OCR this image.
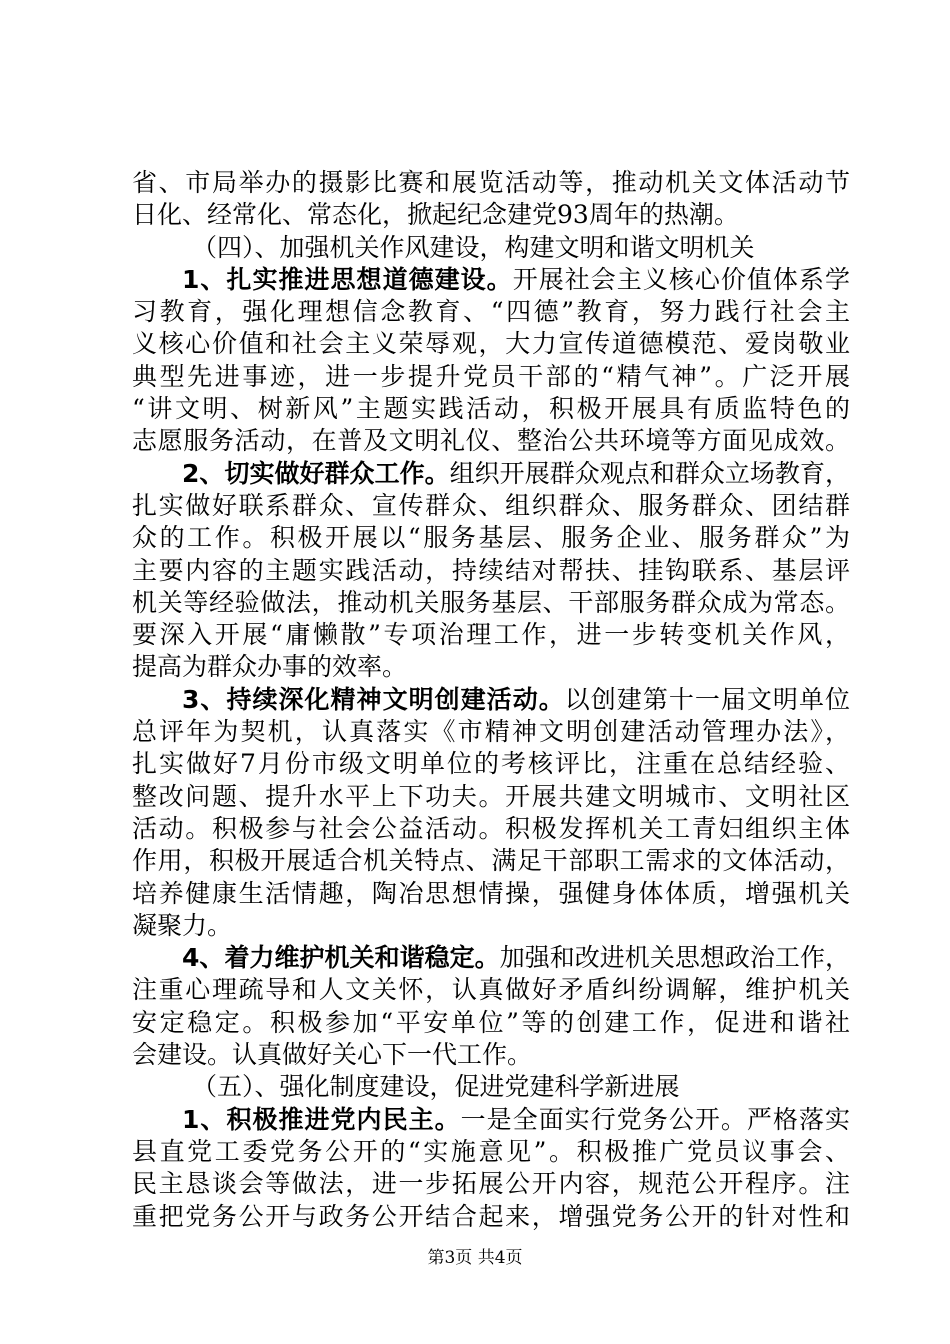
省、市局举办的摄影比赛和展览活动等，推动机关文体活动节
日化、经常化、常态化，掀起纪念建党93周年的热潮。
（四）、加强机关作风建设，构建文明和谐文明机关
1、扎实推进思想道德建设。开展社会主义核心价值体系学
习教育，强化理想信念教育、“四德”教育，努力践行社会主
义核心价值和社会主义荣辱观，大力宣传道德模范、爱岗敬业
典型先进事迹，进一步提升党员干部的“精气神”。广泛开展
“讲文明、树新风”主题实践活动，积极开展具有质监特色的
志愿服务活动，在普及文明礼仪、整治公共环境等方面见成效。
2、切实做好群众工作。组织开展群众观点和群众立场教育，
扎实做好联系群众、宣传群众、组织群众、服务群众、团结群
众的工作。积极开展以“服务基层、服务企业、服务群众”为
主要内容的主题实践活动，持续结对帮扶、挂钩联系、基层评
机关等经验做法，推动机关服务基层、干部服务群众成为常态。
要深入开展“庸懒散”专项治理工作，进一步转变机关作风，
提高为群众办事的效率。
3、持续深化精神文明创建活动。以创建第十一届文明单位
总评年为契机，认真落实《市精神文明创建活动管理办法》，
扎实做好7月份市级文明单位的考核评比，注重在总结经验、
整改问题、提升水平上下功夫。开展共建文明城市、文明社区
活动。积极参与社会公益活动。积极发挥机关工青妇组织主体
作用，积极开展适合机关特点、满足干部职工需求的文体活动，
培养健康生活情趣，陶冶思想情操，强健身体体质，增强机关
凝聚力。
4、着力维护机关和谐稳定。加强和改进机关思想政治工作，
注重心理疏导和人文关怀，认真做好矛盾纠纷调解，维护机关
安定稳定。积极参加“平安单位”等的创建工作，促进和谐社
会建设。认真做好关心下一代工作。
（五）、强化制度建设，促进党建科学新进展
1、积极推进党内民主。一是全面实行党务公开。严格落实
县直党工委党务公开的“实施意见”。积极推广党员议事会、
民主恳谈会等做法，进一步拓展公开内容，规范公开程序。注
重把党务公开与政务公开结合起来，增强党务公开的针对性和
第3页 共4页
